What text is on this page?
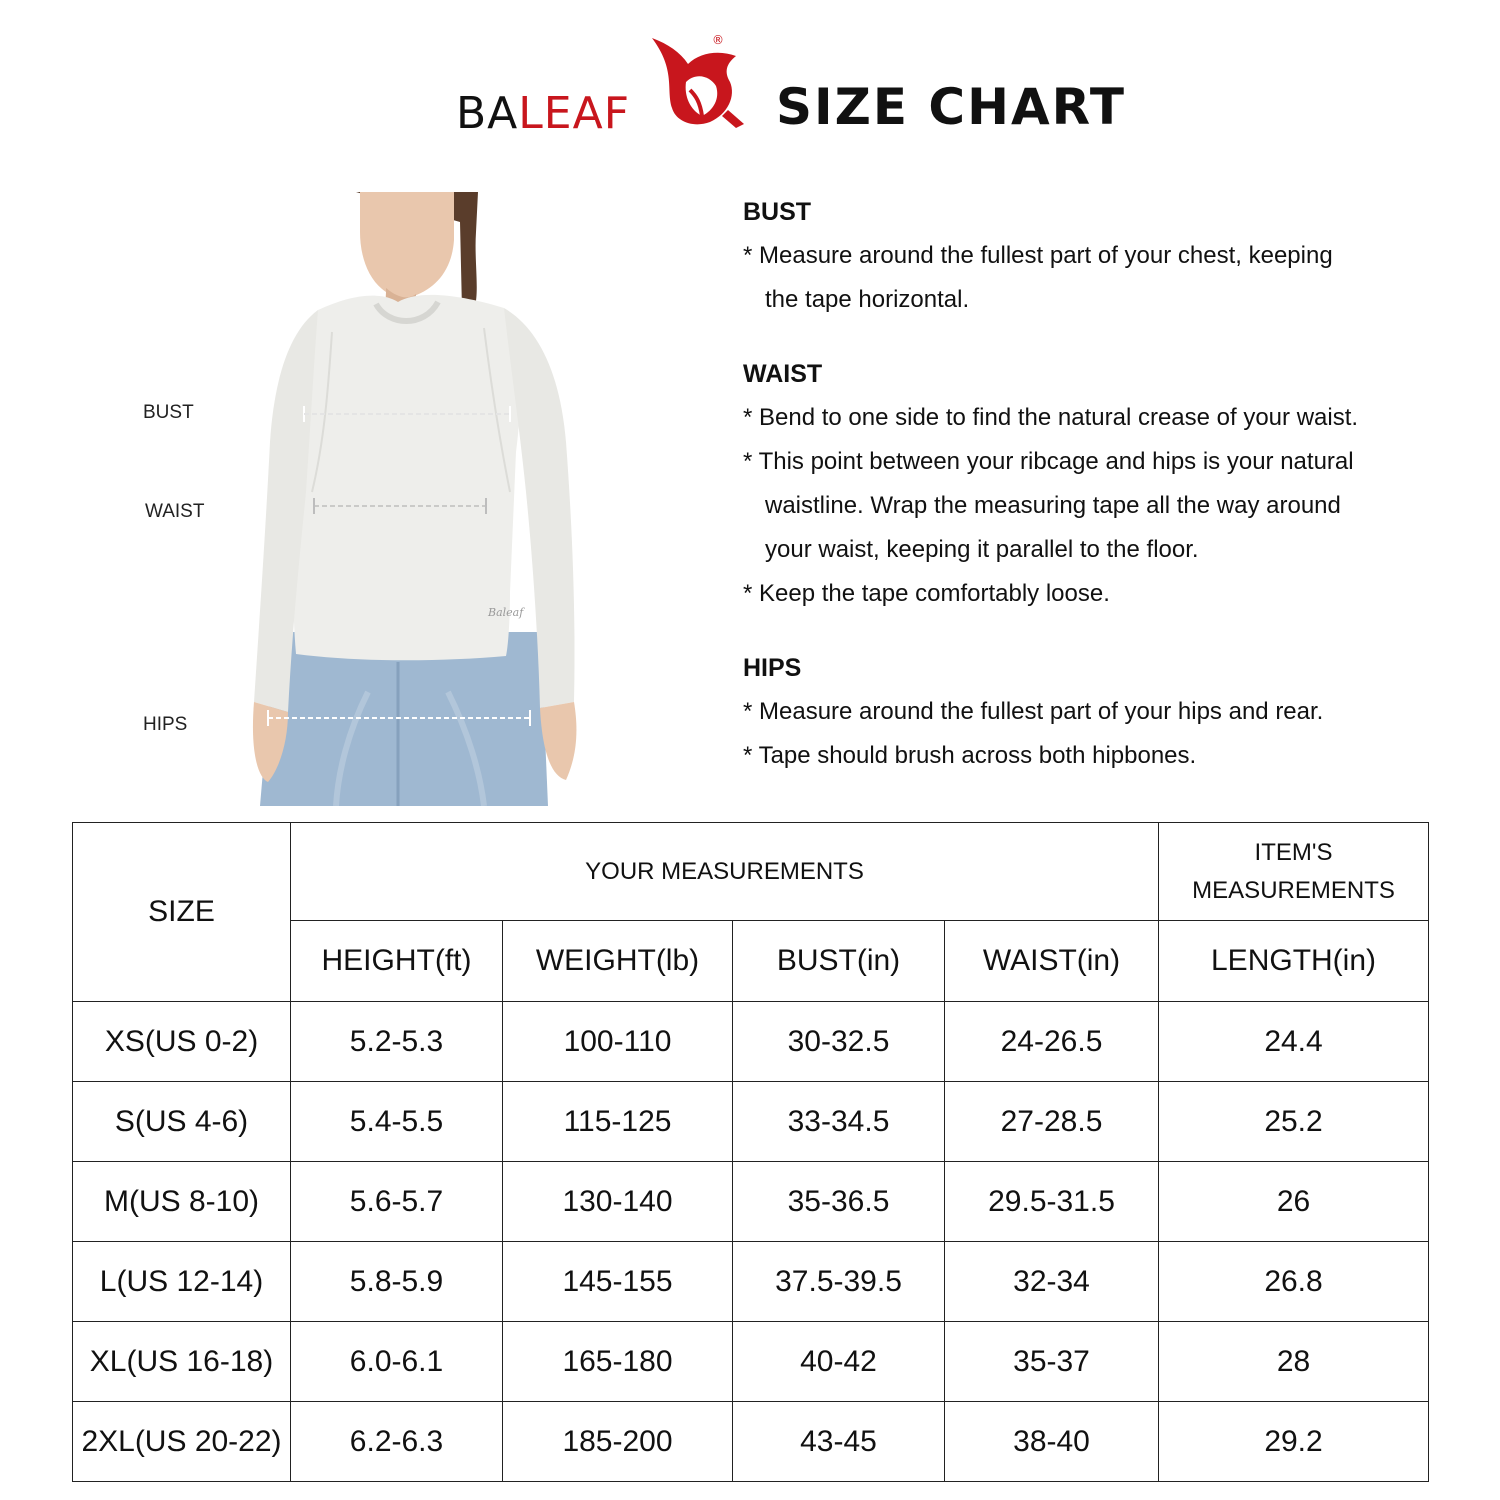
BALEAF
®
SIZE CHART
BUST
WAIST
HIPS
Baleaf
BUST
* Measure around the fullest part of your chest, keeping
the tape horizontal.
WAIST
* Bend to one side to find the natural crease of your waist.
* This point between your ribcage and hips is your natural
waistline. Wrap the measuring tape all the way around
your waist, keeping it parallel to the floor.
* Keep the tape comfortably loose.
HIPS
* Measure around the fullest part of your hips and rear.
* Tape should brush across both hipbones.
SIZE	YOUR MEASUREMENTS				ITEM'S
MEASUREMENTS
	HEIGHT(ft)	WEIGHT(lb)	BUST(in)	WAIST(in)	LENGTH(in)
XS(US 0-2)	5.2-5.3	100-110	30-32.5	24-26.5	24.4
S(US 4-6)	5.4-5.5	115-125	33-34.5	27-28.5	25.2
M(US 8-10)	5.6-5.7	130-140	35-36.5	29.5-31.5	26
L(US 12-14)	5.8-5.9	145-155	37.5-39.5	32-34	26.8
XL(US 16-18)	6.0-6.1	165-180	40-42	35-37	28
2XL(US 20-22)	6.2-6.3	185-200	43-45	38-40	29.2
